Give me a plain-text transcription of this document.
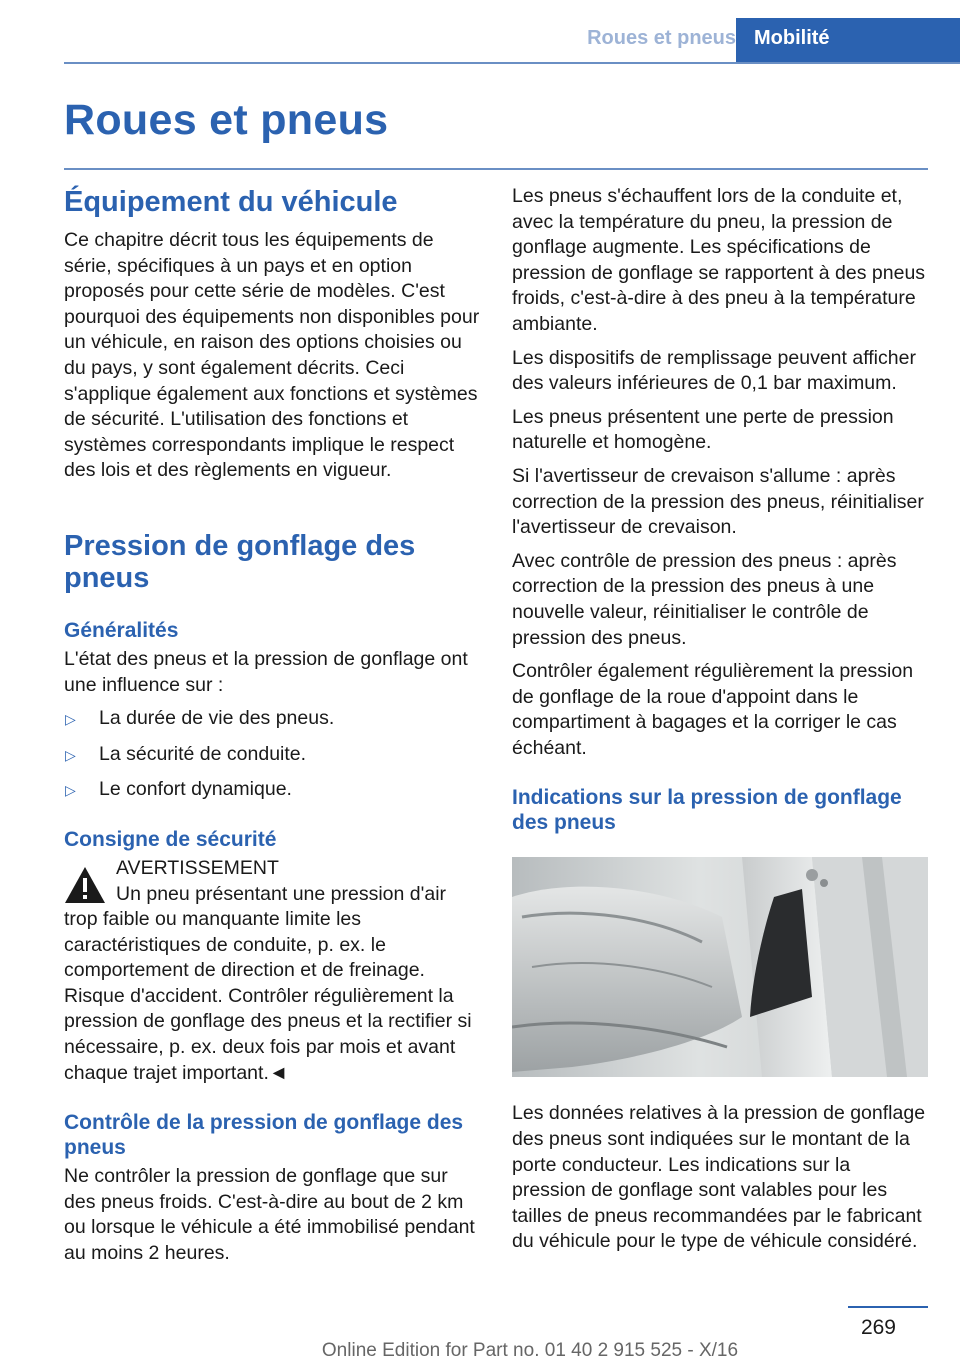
Roues et pneus Mobilité
Roues et pneus
Équipement du véhicule

Ce chapitre décrit tous les équipements de série, spécifiques à un pays et en option proposés pour cette série de modèles. C'est pourquoi des équipements non disponibles pour un véhicule, en raison des options choisies ou du pays, y sont également décrits. Ceci s'applique également aux fonctions et systèmes de sécurité. L'utilisation des fonctions et systèmes correspondants implique le respect des lois et des règlements en vigueur.

Pression de gonflage des pneus
Généralités

L'état des pneus et la pression de gonflage ont une influence sur :

▷ La durée de vie des pneus.
▷ La sécurité de conduite.
▷ Le confort dynamique.
Consigne de sécurité
AVERTISSEMENT

Un pneu présentant une pression d'air trop faible ou manquante limite les caractéristiques de conduite, p. ex. le comportement de direction et de freinage. Risque d'accident. Contrôler régulièrement la pression de gonflage des pneus et la rectifier si nécessaire, p. ex. deux fois par mois et avant chaque trajet important.◄

Contrôle de la pression de gonflage des pneus

Ne contrôler la pression de gonflage que sur des pneus froids. C'est-à-dire au bout de 2 km ou lorsque le véhicule a été immobilisé pendant au moins 2 heures.

Les pneus s'échauffent lors de la conduite et, avec la température du pneu, la pression de gonflage augmente. Les spécifications de pression de gonflage se rapportent à des pneus froids, c'est-à-dire à des pneu à la température ambiante.

Les dispositifs de remplissage peuvent afficher des valeurs inférieures de 0,1 bar maximum.

Les pneus présentent une perte de pression naturelle et homogène.

Si l'avertisseur de crevaison s'allume : après correction de la pression des pneus, réinitialiser l'avertisseur de crevaison.

Avec contrôle de pression des pneus : après correction de la pression des pneus à une nouvelle valeur, réinitialiser le contrôle de pression des pneus.

Contrôler également régulièrement la pression de gonflage de la roue d'appoint dans le compartiment à bagages et la corriger le cas échéant.

Indications sur la pression de gonflage des pneus

Les données relatives à la pression de gonflage des pneus sont indiquées sur le montant de la porte conducteur. Les indications sur la pression de gonflage sont valables pour les tailles de pneus recommandées par le fabricant du véhicule pour le type de véhicule considéré.

269
Online Edition for Part no. 01 40 2 915 525 - X/16
